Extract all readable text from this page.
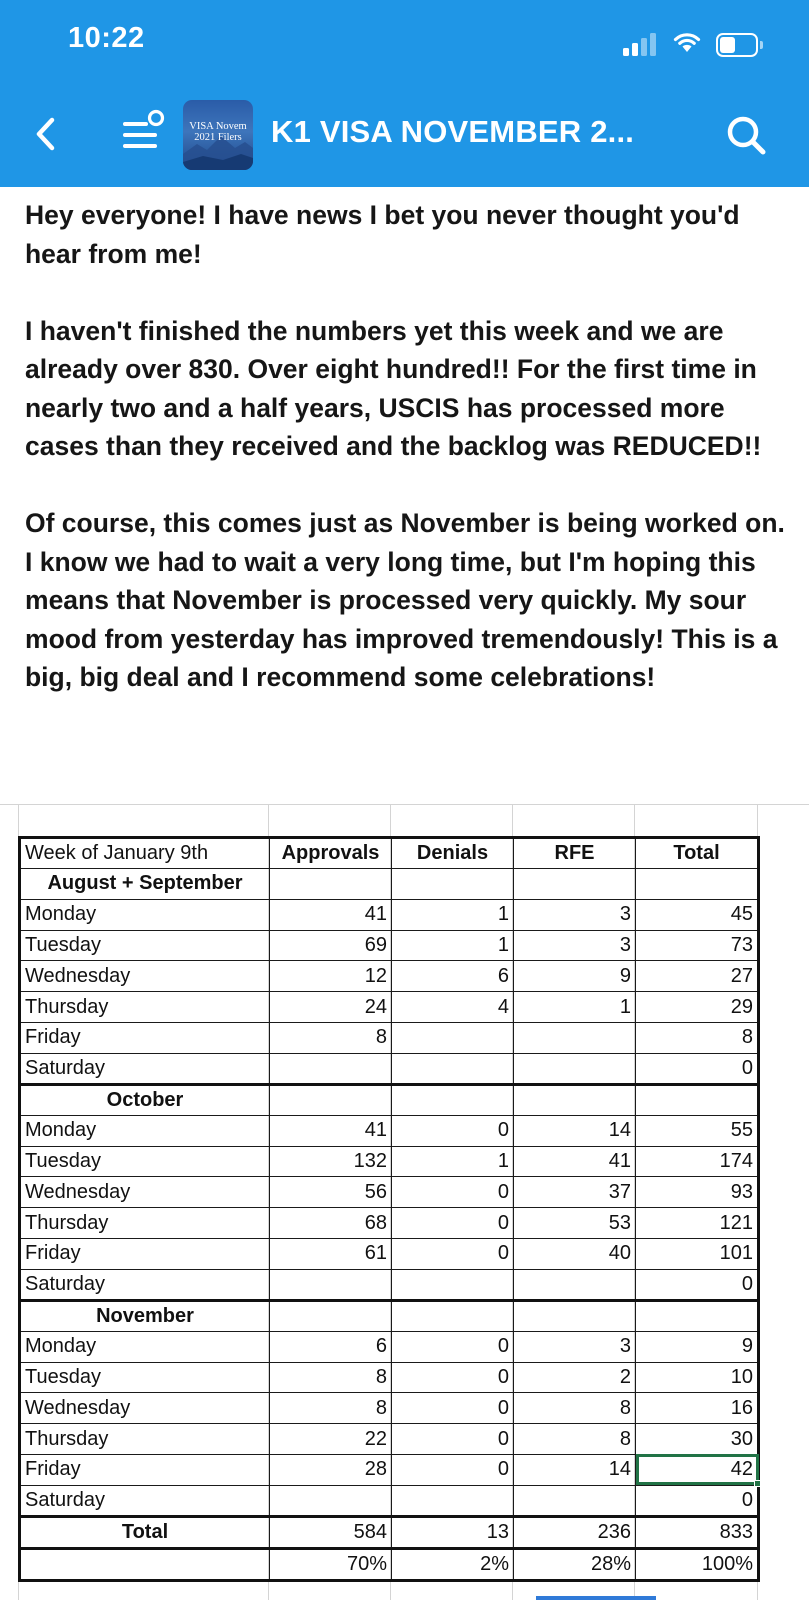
10:22
VISA Novem
2021 Filers K1 VISA NOVEMBER 2...

Hey everyone! I have news I bet you never thought you'd hear from me!

I haven't finished the numbers yet this week and we are already over 830. Over eight hundred!! For the first time in nearly two and a half years, USCIS has processed more cases than they received and the backlog was REDUCED!!

Of course, this comes just as November is being worked on. I know we had to wait a very long time, but I'm hoping this means that November is processed very quickly. My sour mood from yesterday has improved tremendously! This is a big, big deal and I recommend some celebrations!

Week of January 9th	Approvals	Denials	RFE	Total
August + September				
Monday	41	1	3	45
Tuesday	69	1	3	73
Wednesday	12	6	9	27
Thursday	24	4	1	29
Friday	8			8
Saturday				0
October				
Monday	41	0	14	55
Tuesday	132	1	41	174
Wednesday	56	0	37	93
Thursday	68	0	53	121
Friday	61	0	40	101
Saturday				0
November				
Monday	6	0	3	9
Tuesday	8	0	2	10
Wednesday	8	0	8	16
Thursday	22	0	8	30
Friday	28	0	14	42
Saturday				0
Total	584	13	236	833
	70%	2%	28%	100%
